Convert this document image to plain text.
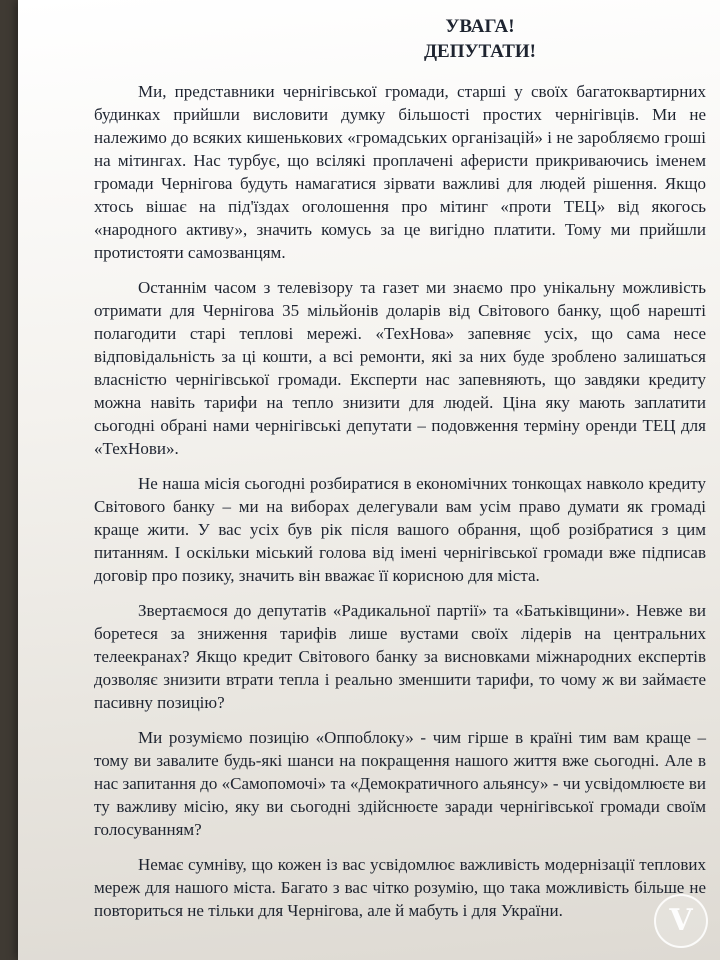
УВАГА!
ДЕПУТАТИ!

Ми, представники чернігівської громади, старші у своїх багатоквартирних будинках прийшли висловити думку більшості простих чернігівців. Ми не належимо до всяких кишенькових «громадських організацій» і не заробляємо гроші на мітингах. Нас турбує, що всілякі проплачені аферисти прикриваючись іменем громади Чернігова будуть намагатися зірвати важливі для людей рішення. Якщо хтось вішає на під'їздах оголошення про мітинг «проти ТЕЦ» від якогось «народного активу», значить комусь за це вигідно платити. Тому ми прийшли протистояти самозванцям.

Останнім часом з телевізору та газет ми знаємо про унікальну можливість отримати для Чернігова 35 мільйонів доларів від Світового банку, щоб нарешті полагодити старі теплові мережі. «ТехНова» запевняє усіх, що сама несе відповідальність за ці кошти, а всі ремонти, які за них буде зроблено залишаться власністю чернігівської громади. Експерти нас запевняють, що завдяки кредиту можна навіть тарифи на тепло знизити для людей. Ціна яку мають заплатити сьогодні обрані нами чернігівські депутати – подовження терміну оренди ТЕЦ для «ТехНови».

Не наша місія сьогодні розбиратися в економічних тонкощах навколо кредиту Світового банку – ми на виборах делегували вам усім право думати як громаді краще жити. У вас усіх був рік після вашого обрання, щоб розібратися з цим питанням. І оскільки міський голова від імені чернігівської громади вже підписав договір про позику, значить він вважає її корисною для міста.

Звертаємося до депутатів «Радикальної партії» та «Батьківщини». Невже ви боретеся за зниження тарифів лише вустами своїх лідерів на центральних телеекранах? Якщо кредит Світового банку за висновками міжнародних експертів дозволяє знизити втрати тепла і реально зменшити тарифи, то чому ж ви займаєте пасивну позицію?

Ми розуміємо позицію «Оппоблоку» - чим гірше в країні тим вам краще – тому ви завалите будь-які шанси на покращення нашого життя вже сьогодні. Але в нас запитання до «Самопомочі» та «Демократичного альянсу» - чи усвідомлюєте ви ту важливу місію, яку ви сьогодні здійснюєте заради чернігівської громади своїм голосуванням?

Немає сумніву, що кожен із вас усвідомлює важливість модернізації теплових мереж для нашого міста. Багато з вас чітко розумію, що така можливість більше не повториться не тільки для Чернігова, але й мабуть і для України.	V
